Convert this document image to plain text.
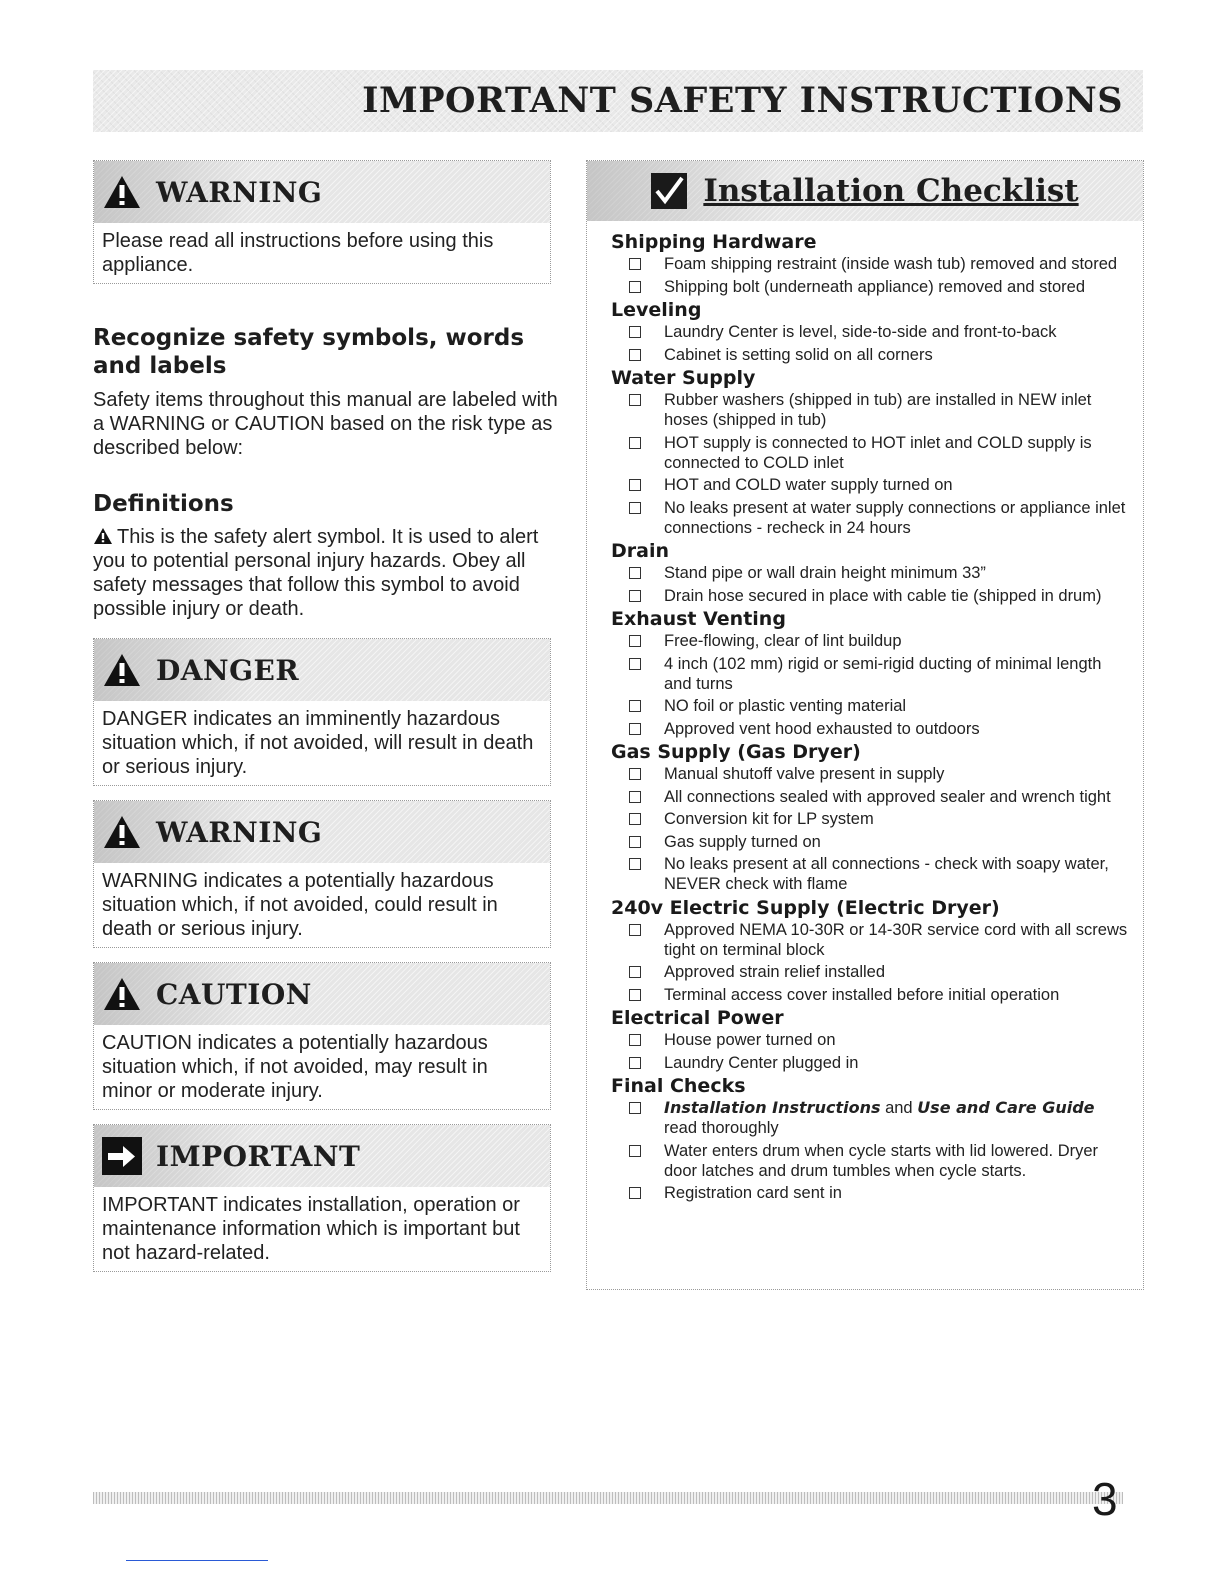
IMPORTANT SAFETY INSTRUCTIONS
WARNING
Please read all instructions before using this appliance.
Recognize safety symbols, words and labels
Safety items throughout this manual are labeled with a WARNING or CAUTION based on the risk type as described below:
Definitions
This is the safety alert symbol. It is used to alert you to potential personal injury hazards. Obey all safety messages that follow this symbol to avoid possible injury or death.
DANGER
DANGER indicates an imminently hazardous situation which, if not avoided, will result in death or serious injury.
WARNING
WARNING indicates a potentially hazardous situation which, if not avoided, could result in death or serious injury.
CAUTION
CAUTION indicates a potentially hazardous situation which, if not avoided, may result in minor or moderate injury.
IMPORTANT
IMPORTANT indicates installation, operation or maintenance information which is important but not hazard-related.
Installation Checklist
Shipping Hardware
Foam shipping restraint (inside wash tub) removed and stored
Shipping bolt (underneath appliance) removed and stored
Leveling
Laundry Center is level, side-to-side and front-to-back
Cabinet is setting solid on all corners
Water Supply
Rubber washers (shipped in tub) are installed in NEW inlet hoses (shipped in tub)
HOT supply is connected to HOT inlet and COLD supply is connected to COLD inlet
HOT and COLD water supply turned on
No leaks present at water supply connections or appliance inlet connections - recheck in 24 hours
Drain
Stand pipe or wall drain height minimum 33”
Drain hose secured in place with cable tie (shipped in drum)
Exhaust Venting
Free-flowing, clear of lint buildup
4 inch (102 mm) rigid or semi-rigid ducting of minimal length and turns
NO foil or plastic venting material
Approved vent hood exhausted to outdoors
Gas Supply (Gas Dryer)
Manual shutoff valve present in supply
All connections sealed with approved sealer and wrench tight
Conversion kit for LP system
Gas supply turned on
No leaks present at all connections - check with soapy water, NEVER check with flame
240v Electric Supply (Electric Dryer)
Approved NEMA 10-30R or 14-30R service cord with all screws tight on terminal block
Approved strain relief installed
Terminal access cover installed before initial operation
Electrical Power
House power turned on
Laundry Center plugged in
Final Checks
Installation Instructions and Use and Care Guide read thoroughly
Water enters drum when cycle starts with lid lowered. Dryer door latches and drum tumbles when cycle starts.
Registration card sent in
3
